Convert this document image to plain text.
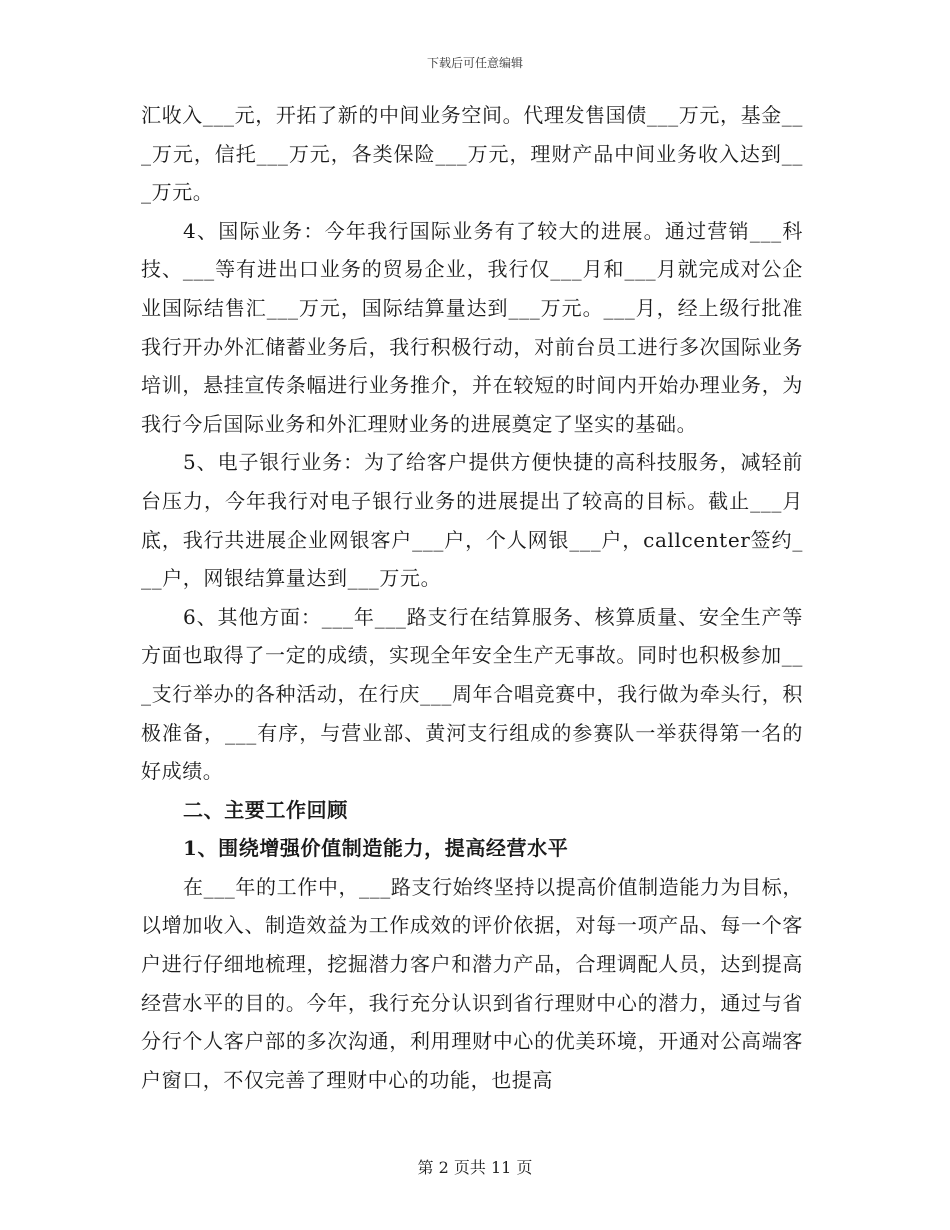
下载后可任意编辑

汇收入___元，开拓了新的中间业务空间。代理发售国债___万元，基金___万元，信托___万元，各类保险___万元，理财产品中间业务收入达到___万元。

4、国际业务：今年我行国际业务有了较大的进展。通过营销___科技、___等有进出口业务的贸易企业，我行仅___月和___月就完成对公企业国际结售汇___万元，国际结算量达到___万元。___月，经上级行批准我行开办外汇储蓄业务后，我行积极行动，对前台员工进行多次国际业务培训，悬挂宣传条幅进行业务推介，并在较短的时间内开始办理业务，为我行今后国际业务和外汇理财业务的进展奠定了坚实的基础。

5、电子银行业务：为了给客户提供方便快捷的高科技服务，减轻前台压力，今年我行对电子银行业务的进展提出了较高的目标。截止___月底，我行共进展企业网银客户___户，个人网银___户，callcenter签约___户，网银结算量达到___万元。

6、其他方面：___年___路支行在结算服务、核算质量、安全生产等方面也取得了一定的成绩，实现全年安全生产无事故。同时也积极参加___支行举办的各种活动，在行庆___周年合唱竞赛中，我行做为牵头行，积极准备，___有序，与营业部、黄河支行组成的参赛队一举获得第一名的好成绩。

二、主要工作回顾

1、围绕增强价值制造能力，提高经营水平

在___年的工作中，___路支行始终坚持以提高价值制造能力为目标，以增加收入、制造效益为工作成效的评价依据，对每一项产品、每一个客户进行仔细地梳理，挖掘潜力客户和潜力产品，合理调配人员，达到提高经营水平的目的。今年，我行充分认识到省行理财中心的潜力，通过与省分行个人客户部的多次沟通，利用理财中心的优美环境，开通对公高端客户窗口，不仅完善了理财中心的功能，也提高

第 2 页共 11 页
